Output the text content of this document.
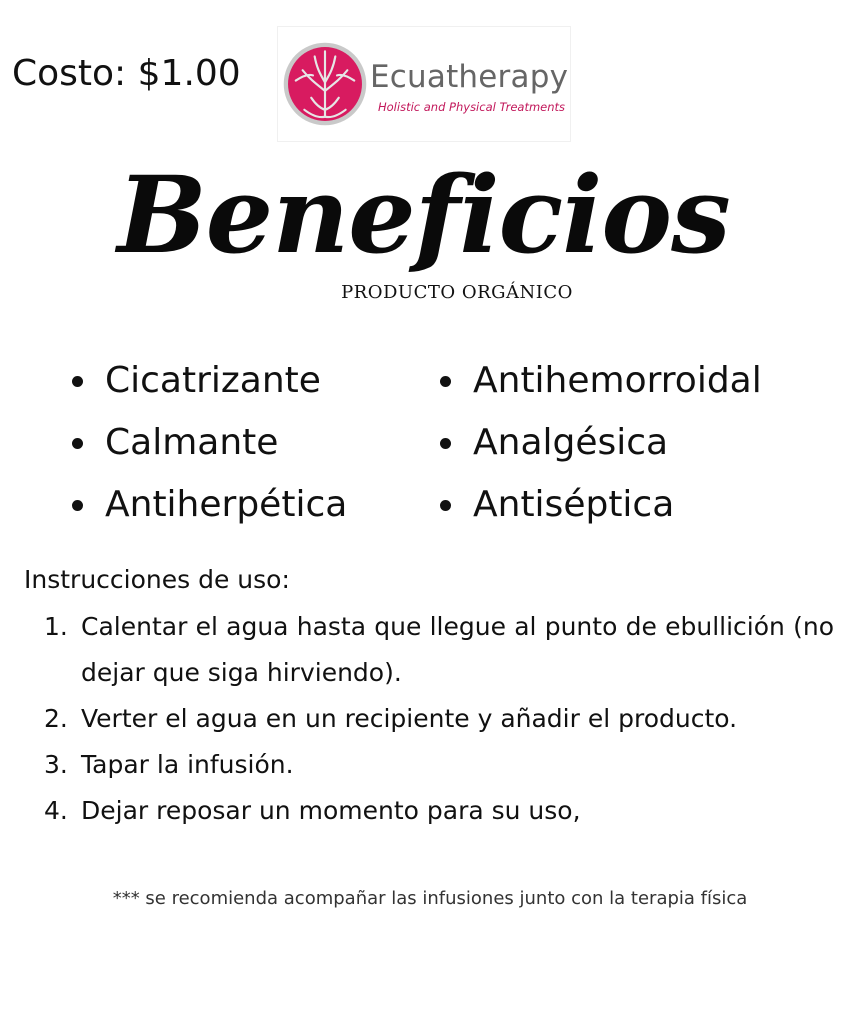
Costo: $1.00	Ecuatherapy
Holistic and Physical Treatments
Beneficios
PRODUCTO ORGÁNICO
Cicatrizante
Calmante
Antiherpética
Antihemorroidal
Analgésica
Antiséptica
Instrucciones de uso:
1. Calentar el agua hasta que llegue al punto de ebullición (no dejar que siga hirviendo).
2. Verter el agua en un recipiente y añadir el producto.
3. Tapar la infusión.
4. Dejar reposar un momento para su uso,
*** se recomienda acompañar las infusiones junto con la terapia física
